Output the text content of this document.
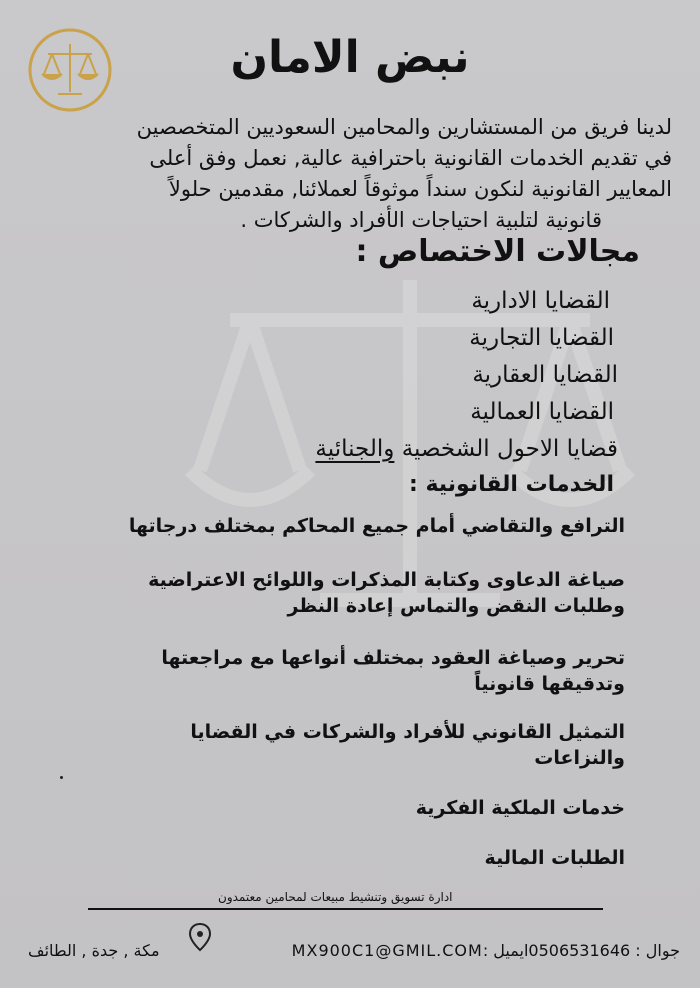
نبض الامان
لدينا فريق من المستشارين والمحامين السعوديين المتخصصين
في تقديم الخدمات القانونية باحترافية عالية, نعمل وفق أعلى
المعايير القانونية لنكون سنداً موثوقاً لعملائنا, مقدمين حلولاً
قانونية لتلبية احتياجات الأفراد والشركات .
مجالات الاختصاص :
القضايا الادارية
القضايا التجارية
القضايا العقارية
القضايا العمالية
قضايا الاحول الشخصية والجنائية
الخدمات القانونية :
الترافع والتقاضي أمام جميع المحاكم بمختلف درجاتها
صياغة الدعاوى وكتابة المذكرات واللوائح الاعتراضية
وطلبات النقض والتماس إعادة النظر
تحرير وصياغة العقود بمختلف أنواعها مع مراجعتها
وتدقيقها قانونياً
التمثيل القانوني للأفراد والشركات في القضايا
والنزاعات
خدمات الملكية الفكرية
الطلبات المالية
ادارة تسويق وتنشيط مبيعات لمحامين معتمدون
مكة , جدة , الطائف	جوال : 0506531646ايميل :MX900C1@GMIL.COM
